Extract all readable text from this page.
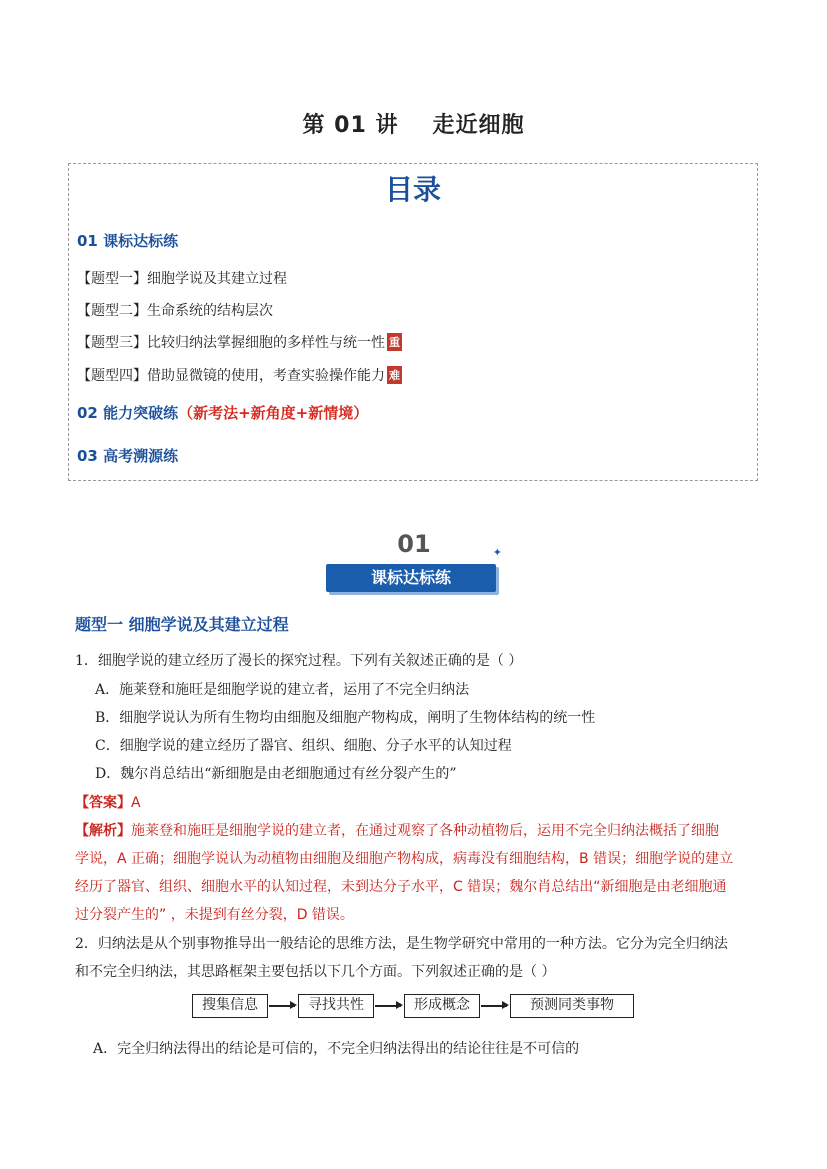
第 01 讲 走近细胞
目录
01 课标达标练
【题型一】细胞学说及其建立过程
【题型二】生命系统的结构层次
【题型三】比较归纳法掌握细胞的多样性与统一性 重
【题型四】借助显微镜的使用，考查实验操作能力 难
02 能力突破练（新考法+新角度+新情境）
03 高考溯源练
01
课标达标练
✦
题型一 细胞学说及其建立过程
1．细胞学说的建立经历了漫长的探究过程。下列有关叙述正确的是（ ）
A．施莱登和施旺是细胞学说的建立者，运用了不完全归纳法
B．细胞学说认为所有生物均由细胞及细胞产物构成，阐明了生物体结构的统一性
C．细胞学说的建立经历了器官、组织、细胞、分子水平的认知过程
D．魏尔肖总结出“新细胞是由老细胞通过有丝分裂产生的”
【答案】A
【解析】施莱登和施旺是细胞学说的建立者，在通过观察了各种动植物后，运用不完全归纳法概括了细胞
学说，A 正确；细胞学说认为动植物由细胞及细胞产物构成，病毒没有细胞结构，B 错误；细胞学说的建立
经历了器官、组织、细胞水平的认知过程，未到达分子水平，C 错误；魏尔肖总结出“新细胞是由老细胞通
过分裂产生的” ，未提到有丝分裂，D 错误。
2．归纳法是从个别事物推导出一般结论的思维方法，是生物学研究中常用的一种方法。它分为完全归纳法
和不完全归纳法，其思路框架主要包括以下几个方面。下列叙述正确的是（ ）
搜集信息	寻找共性	形成概念	预测同类事物
A．完全归纳法得出的结论是可信的，不完全归纳法得出的结论往往是不可信的
